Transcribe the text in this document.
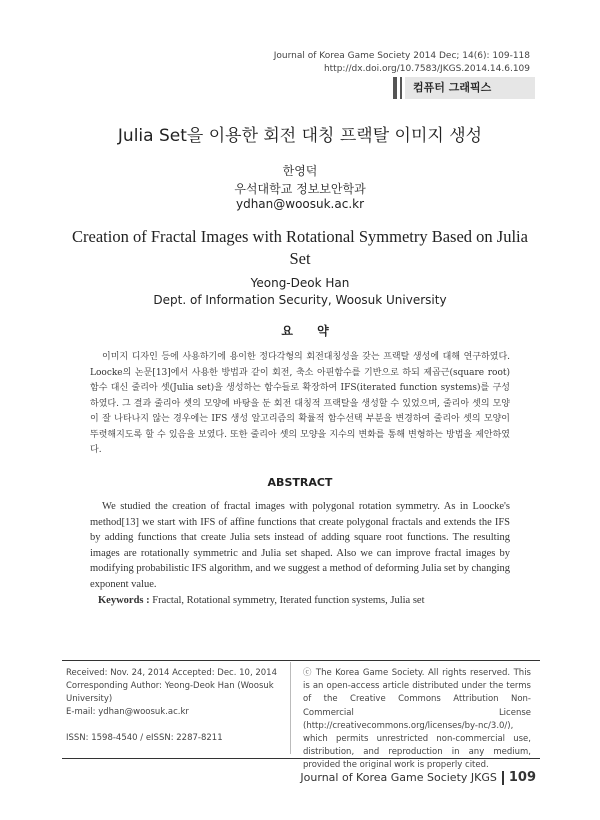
Journal of Korea Game Society 2014 Dec; 14(6): 109-118
http://dx.doi.org/10.7583/JKGS.2014.14.6.109
컴퓨터 그래픽스
Julia Set을 이용한 회전 대칭 프랙탈 이미지 생성
한영덕
우석대학교 정보보안학과
ydhan@woosuk.ac.kr
Creation of Fractal Images with Rotational Symmetry Based on Julia Set
Yeong-Deok Han
Dept. of Information Security, Woosuk University
요 약
이미지 디자인 등에 사용하기에 용이한 정다각형의 회전대칭성을 갖는 프랙탈 생성에 대해 연구하였다. Loocke의 논문[13]에서 사용한 방법과 같이 회전, 축소 아핀함수를 기반으로 하되 제곱근(square root)함수 대신 줄리아 셋(Julia set)을 생성하는 함수들로 확장하여 IFS(iterated function systems)를 구성하였다. 그 결과 줄리아 셋의 모양에 바탕을 둔 회전 대칭적 프랙탈을 생성할 수 있었으며, 줄리아 셋의 모양이 잘 나타나지 않는 경우에는 IFS 생성 알고리즘의 확률적 함수선택 부분을 변경하여 줄리아 셋의 모양이 뚜렷해지도록 할 수 있음을 보였다. 또한 줄리아 셋의 모양을 지수의 변화를 통해 변형하는 방법을 제안하였다.
ABSTRACT
We studied the creation of fractal images with polygonal rotation symmetry. As in Loocke's method[13] we start with IFS of affine functions that create polygonal fractals and extends the IFS by adding functions that create Julia sets instead of adding square root functions. The resulting images are rotationally symmetric and Julia set shaped. Also we can improve fractal images by modifying probabilistic IFS algorithm, and we suggest a method of deforming Julia set by changing exponent value.
Keywords : Fractal, Rotational symmetry, Iterated function systems, Julia set
Received: Nov. 24, 2014 Accepted: Dec. 10, 2014
Corresponding Author: Yeong-Deok Han (Woosuk University)
E-mail: ydhan@woosuk.ac.kr
ISSN: 1598-4540 / eISSN: 2287-8211
ⓒ The Korea Game Society. All rights reserved. This is an open-access article distributed under the terms of the Creative Commons Attribution Non-Commercial License (http://creativecommons.org/licenses/by-nc/3.0/), which permits unrestricted non-commercial use, distribution, and reproduction in any medium, provided the original work is properly cited.
Journal of Korea Game Society JKGS 109
